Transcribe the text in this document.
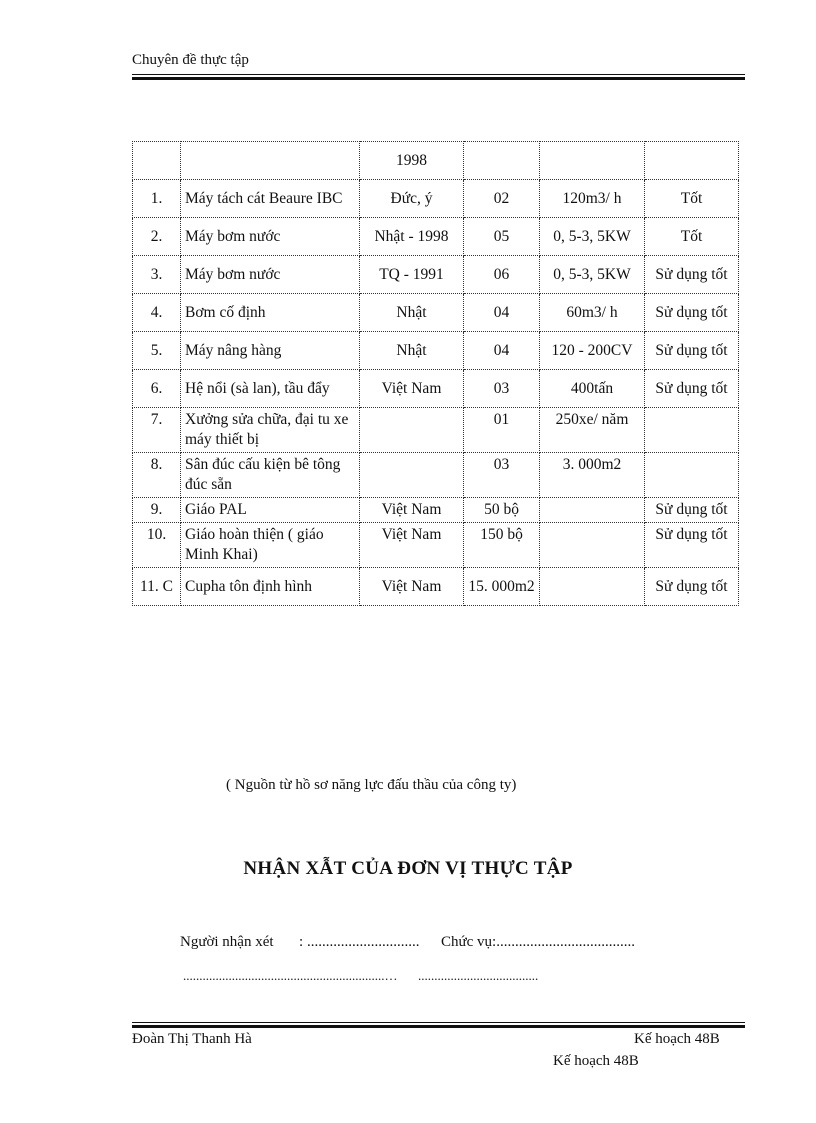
Chuyên đề thực tập
		1998			
1.	Máy tách cát Beaure IBC	Đức, ý	02	120m3/ h	Tốt
2.	Máy bơm nước	Nhật - 1998	05	0, 5-3, 5KW	Tốt
3.	Máy bơm nước	TQ - 1991	06	0, 5-3, 5KW	Sử dụng tốt
4.	Bơm cố định	Nhật	04	60m3/ h	Sử dụng tốt
5.	Máy nâng hàng	Nhật	04	120 - 200CV	Sử dụng tốt
6.	Hệ nổi (sà lan), tầu đẩy	Việt Nam	03	400tấn	Sử dụng tốt
7.	Xưởng sửa chữa, đại tu xe máy thiết bị		01	250xe/ năm	
8.	Sân đúc cấu kiện bê tông đúc sẵn		03	3. 000m2	
9.	Giáo PAL	Việt Nam	50 bộ		Sử dụng tốt
10.	Giáo hoàn thiện ( giáo Minh Khai)	Việt Nam	150 bộ		Sử dụng tốt
11. C	Cupha tôn định hình	Việt Nam	15. 000m2		Sử dụng tốt
( Nguồn từ hồ sơ năng lực đấu thầu của công ty)
NHẬN XẪT CỦA ĐƠN VỊ THỰC TẬP
Người nhận xét : .............................. Chức vụ:.....................................
..............................................................… .....................................
Đoàn Thị Thanh Hà	Kế hoạch 48B
Kế hoạch 48B
